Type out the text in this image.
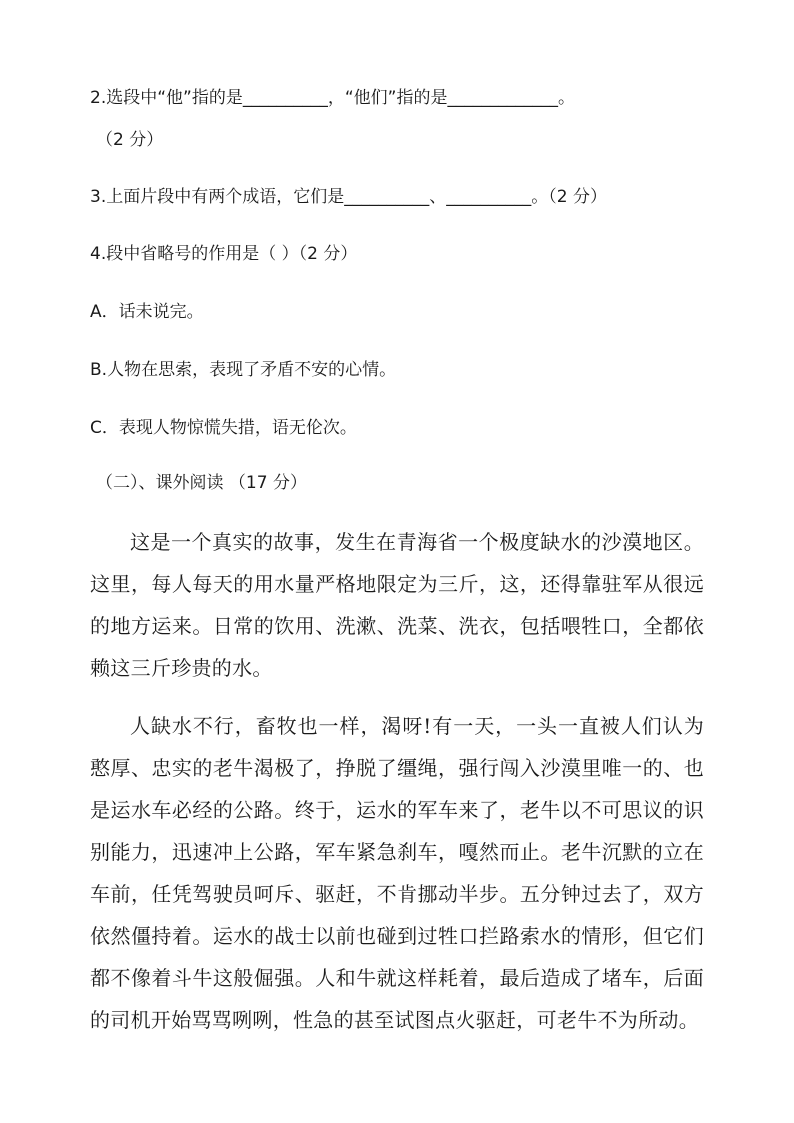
2.选段中“他”指的是__________，“他们”指的是_____________。
（2 分）
3.上面片段中有两个成语，它们是__________、__________。（2 分）
4.段中省略号的作用是（ ）（2 分）
A．话未说完。
B.人物在思索，表现了矛盾不安的心情。
C．表现人物惊慌失措，语无伦次。
（二）、课外阅读 （17 分）

这是一个真实的故事，发生在青海省一个极度缺水的沙漠地区。这里，每人每天的用水量严格地限定为三斤，这，还得靠驻军从很远的地方运来。日常的饮用、洗漱、洗菜、洗衣，包括喂牲口，全都依赖这三斤珍贵的水。

人缺水不行，畜牧也一样，渴呀!有一天，一头一直被人们认为憨厚、忠实的老牛渴极了，挣脱了缰绳，强行闯入沙漠里唯一的、也是运水车必经的公路。终于，运水的军车来了，老牛以不可思议的识别能力，迅速冲上公路，军车紧急刹车，嘎然而止。老牛沉默的立在车前，任凭驾驶员呵斥、驱赶，不肯挪动半步。五分钟过去了，双方依然僵持着。运水的战士以前也碰到过牲口拦路索水的情形，但它们都不像着斗牛这般倔强。人和牛就这样耗着，最后造成了堵车，后面的司机开始骂骂咧咧，性急的甚至试图点火驱赶，可老牛不为所动。
